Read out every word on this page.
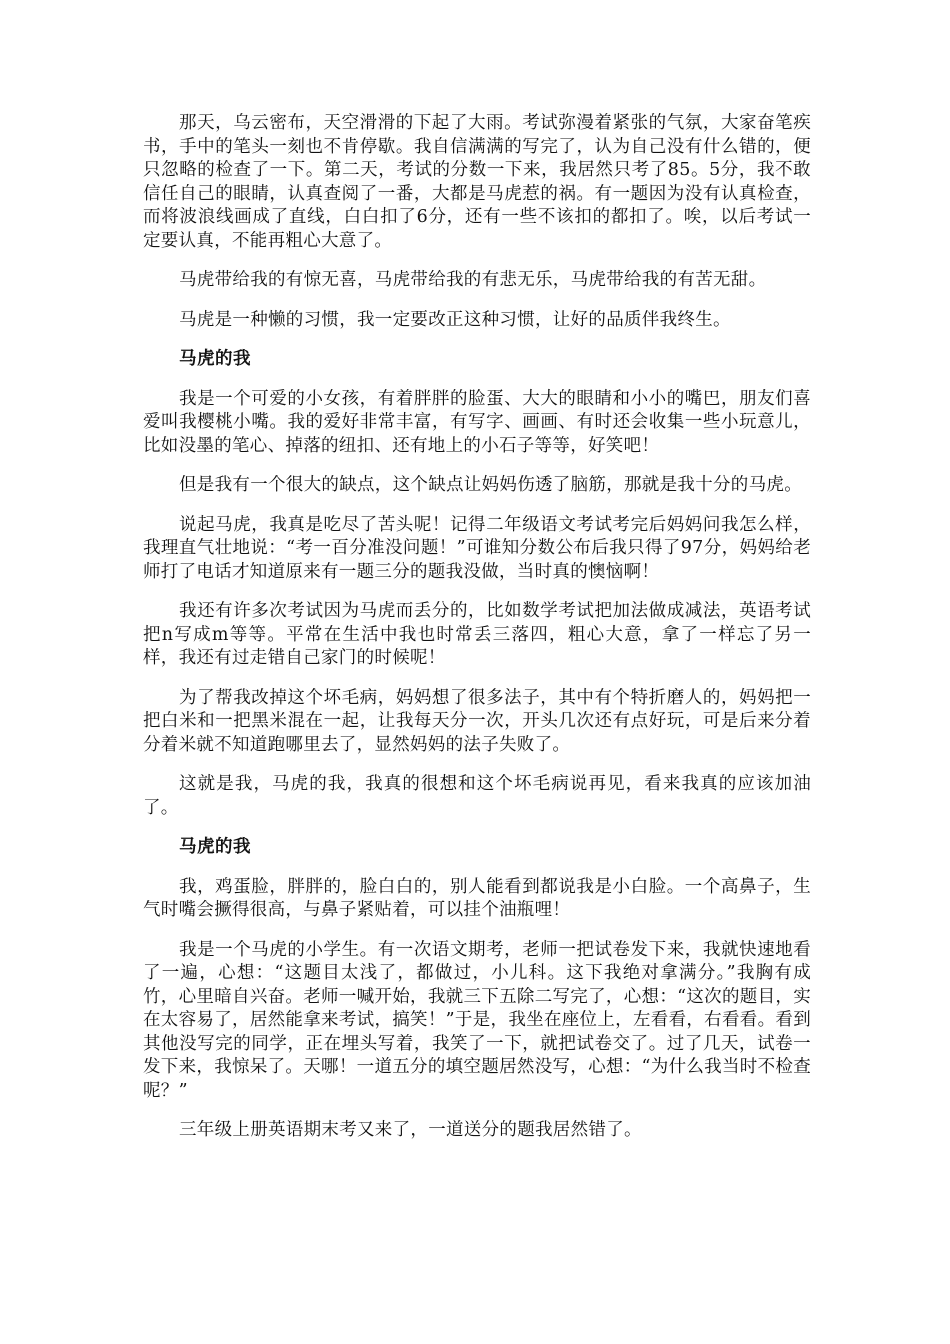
那天，乌云密布，天空滑滑的下起了大雨。考试弥漫着紧张的气氛，大家奋笔疾书，手中的笔头一刻也不肯停歇。我自信满满的写完了，认为自己没有什么错的，便只忽略的检查了一下。第二天，考试的分数一下来，我居然只考了85。5分，我不敢信任自己的眼睛，认真查阅了一番，大都是马虎惹的祸。有一题因为没有认真检查，而将波浪线画成了直线，白白扣了6分，还有一些不该扣的都扣了。唉，以后考试一定要认真，不能再粗心大意了。

马虎带给我的有惊无喜，马虎带给我的有悲无乐，马虎带给我的有苦无甜。

马虎是一种懒的习惯，我一定要改正这种习惯，让好的品质伴我终生。

马虎的我

我是一个可爱的小女孩，有着胖胖的脸蛋、大大的眼睛和小小的嘴巴，朋友们喜爱叫我樱桃小嘴。我的爱好非常丰富，有写字、画画、有时还会收集一些小玩意儿，比如没墨的笔心、掉落的纽扣、还有地上的小石子等等，好笑吧！

但是我有一个很大的缺点，这个缺点让妈妈伤透了脑筋，那就是我十分的马虎。

说起马虎，我真是吃尽了苦头呢！记得二年级语文考试考完后妈妈问我怎么样，我理直气壮地说：“考一百分准没问题！”可谁知分数公布后我只得了97分，妈妈给老师打了电话才知道原来有一题三分的题我没做，当时真的懊恼啊！

我还有许多次考试因为马虎而丢分的，比如数学考试把加法做成减法，英语考试把n写成m等等。平常在生活中我也时常丢三落四，粗心大意，拿了一样忘了另一样，我还有过走错自己家门的时候呢！

为了帮我改掉这个坏毛病，妈妈想了很多法子，其中有个特折磨人的，妈妈把一把白米和一把黑米混在一起，让我每天分一次，开头几次还有点好玩，可是后来分着分着米就不知道跑哪里去了，显然妈妈的法子失败了。

这就是我，马虎的我，我真的很想和这个坏毛病说再见，看来我真的应该加油了。

马虎的我

我，鸡蛋脸，胖胖的，脸白白的，别人能看到都说我是小白脸。一个高鼻子，生气时嘴会撅得很高，与鼻子紧贴着，可以挂个油瓶哩！

我是一个马虎的小学生。有一次语文期考，老师一把试卷发下来，我就快速地看了一遍，心想：“这题目太浅了，都做过，小儿科。这下我绝对拿满分。”我胸有成竹，心里暗自兴奋。老师一喊开始，我就三下五除二写完了，心想：“这次的题目，实在太容易了，居然能拿来考试，搞笑！”于是，我坐在座位上，左看看，右看看。看到其他没写完的同学，正在埋头写着，我笑了一下，就把试卷交了。过了几天，试卷一发下来，我惊呆了。天哪！一道五分的填空题居然没写，心想：“为什么我当时不检查呢？”

三年级上册英语期末考又来了，一道送分的题我居然错了。
